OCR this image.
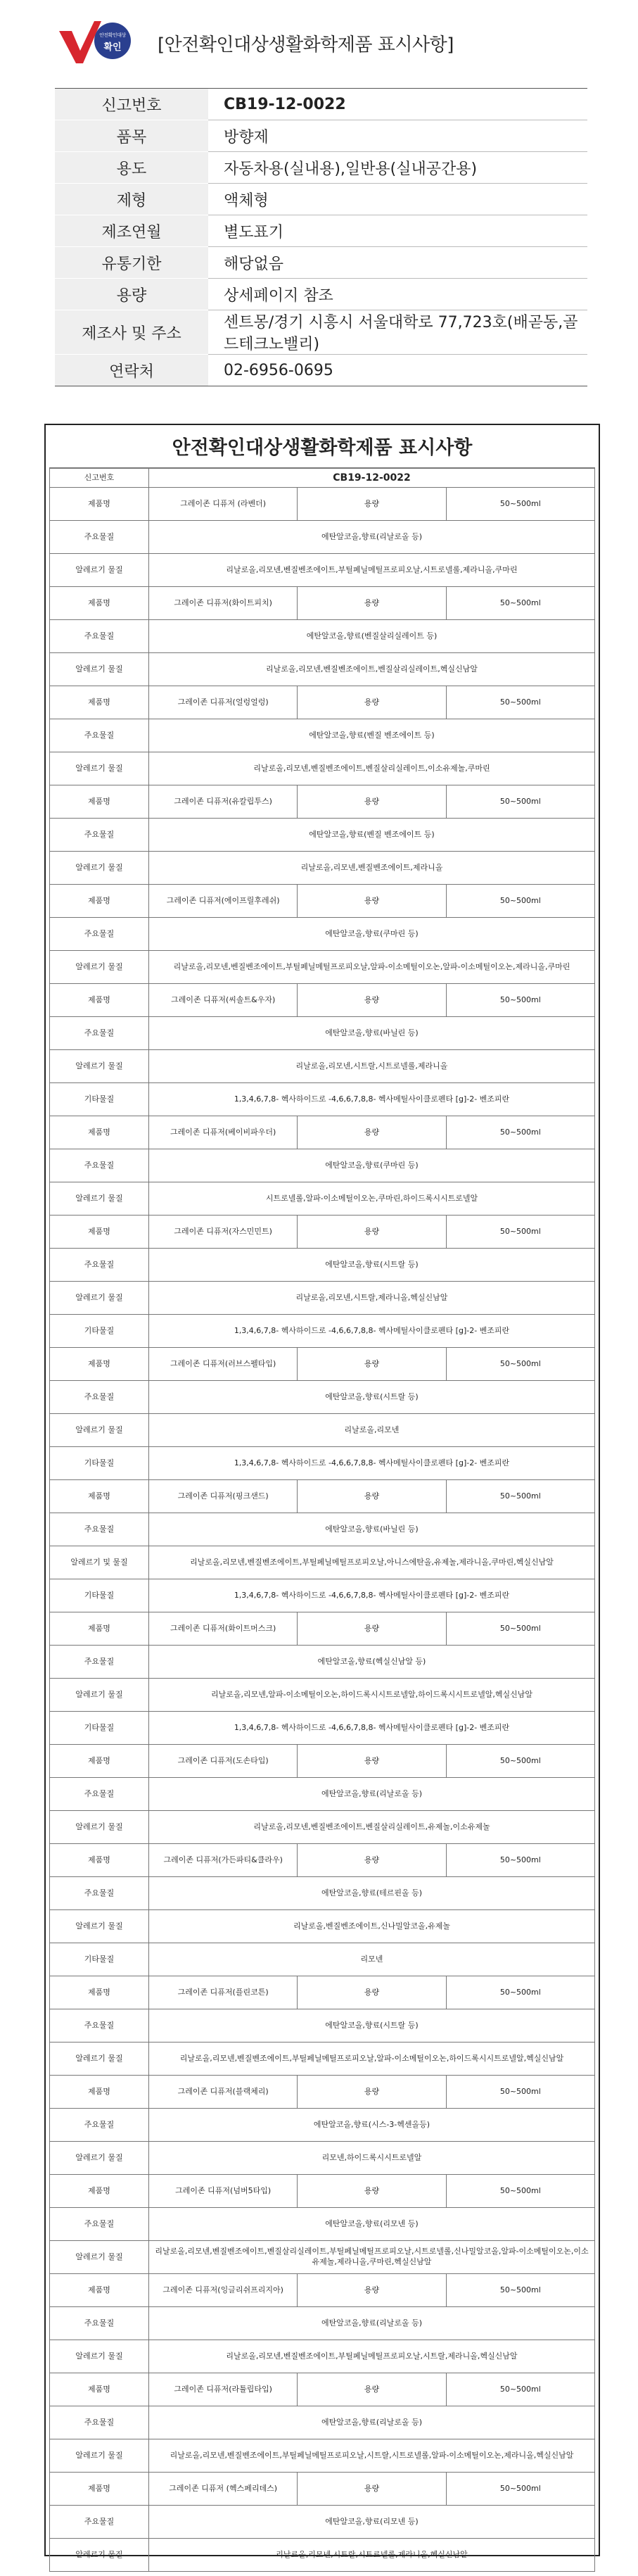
안전확인대상
확인	[안전확인대상생활화학제품 표시사항]
신고번호	CB19-12-0022
품목	방향제
용도	자동차용(실내용),일반용(실내공간용)
제형	액체형
제조연월	별도표기
유통기한	해당없음
용량	상세페이지 참조
제조사 및 주소	센트몽/경기 시흥시 서울대학로 77,723호(배곧동,골드테크노밸리)
연락처	02-6956-0695
안전확인대상생활화학제품 표시사항
신고번호	CB19-12-0022		
제품명	그레이존 디퓨저 (라벤더)	용량	50~500ml
주요물질	에탄알코올,향료(리날로올 등)		
알레르기 물질	리날로올,리모넨,벤질벤조에이트,부틸페닐메틸프로피오날,시트로넬롤,제라니올,쿠마린		
제품명	그레이존 디퓨저(화이트피치)	용량	50~500ml
주요물질	에탄알코올,향료(벤질살리실레이트 등)		
알레르기 물질	리날로올,리모넨,벤질벤조에이트,벤질살리실레이트,헥실신남알		
제품명	그레이존 디퓨저(얼렁얼렁)	용량	50~500ml
주요물질	에탄알코올,향료(벤질 벤조에이트 등)		
알레르기 물질	리날로올,리모넨,벤질벤조에이트,벤질살리실레이트,이소유제놀,쿠마린		
제품명	그레이존 디퓨저(유칼립투스)	용량	50~500ml
주요물질	에탄알코올,향료(벤질 벤조에이트 등)		
알레르기 물질	리날로올,리모넨,벤질벤조에이트,제라니올		
제품명	그레이존 디퓨저(에이프릴후레쉬)	용량	50~500ml
주요물질	에탄알코올,향료(쿠마린 등)		
알레르기 물질	리날로올,리모넨,벤질벤조에이트,부틸페닐메틸프로피오날,알파-이소메틸이오논,알파-이소메틸이오논,제라니올,쿠마린		
제품명	그레이존 디퓨저(씨솔트&우자)	용량	50~500ml
주요물질	에탄알코올,향료(바닐린 등)		
알레르기 물질	리날로올,리모넨,시트랄,시트로넬롤,제라니올		
기타물질	1,3,4,6,7,8- 헥사하이드로 -4,6,6,7,8,8- 헥사메틸사이클로펜타 [g]-2- 벤조피란		
제품명	그레이존 디퓨저(베이비파우더)	용량	50~500ml
주요물질	에탄알코올,향료(쿠마린 등)		
알레르기 물질	시트로넬롤,알파-이소메틸이오논,쿠마린,하이드록시시트로넬알		
제품명	그레이존 디퓨저(자스민민트)	용량	50~500ml
주요물질	에탄알코올,향료(시트랄 등)		
알레르기 물질	리날로올,리모넨,시트랄,제라니올,헥실신남알		
기타물질	1,3,4,6,7,8- 헥사하이드로 -4,6,6,7,8,8- 헥사메틸사이클로펜타 [g]-2- 벤조피란		
제품명	그레이존 디퓨저(러브스펠타입)	용량	50~500ml
주요물질	에탄알코올,향료(시트랄 등)		
알레르기 물질	리날로올,리모넨		
기타물질	1,3,4,6,7,8- 헥사하이드로 -4,6,6,7,8,8- 헥사메틸사이클로펜타 [g]-2- 벤조피란		
제품명	그레이존 디퓨저(핑크샌드)	용량	50~500ml
주요물질	에탄알코올,향료(바닐린 등)		
알레르기 및 물질	리날로올,리모넨,벤질벤조에이트,부틸페닐메틸프로피오날,아니스에탄올,유제놀,제라니올,쿠마린,헥실신남알		
기타물질	1,3,4,6,7,8- 헥사하이드로 -4,6,6,7,8,8- 헥사메틸사이클로펜타 [g]-2- 벤조피란		
제품명	그레이존 디퓨저(화이트머스크)	용량	50~500ml
주요물질	에탄알코올,향료(헥실신남알 등)		
알레르기 물질	리날로올,리모넨,알파-이소메틸이오논,하이드록시시트로넬알,하이드록시시트로넬알,헥실신남알		
기타물질	1,3,4,6,7,8- 헥사하이드로 -4,6,6,7,8,8- 헥사메틸사이클로펜타 [g]-2- 벤조피란		
제품명	그레이존 디퓨저(도손타입)	용량	50~500ml
주요물질	에탄알코올,향료(리날로올 등)		
알레르기 물질	리날로올,리모넨,벤질벤조에이트,벤질살리실레이트,유제놀,이소유제놀		
제품명	그레이존 디퓨저(가든파티&클라우)	용량	50~500ml
주요물질	에탄알코올,향료(테르핀올 등)		
알레르기 물질	리날로올,벤질벤조에이트,신나밀알코올,유제놀		
기타물질	리모넨		
제품명	그레이존 디퓨저(플린코튼)	용량	50~500ml
주요물질	에탄알코올,향료(시트랄 등)		
알레르기 물질	리날로올,리모넨,벤질벤조에이트,부틸페닐메틸프로피오날,알파-이소메틸이오논,하이드록시시트로넬알,헥실신남알		
제품명	그레이존 디퓨저(블랙체리)	용량	50~500ml
주요물질	에탄알코올,향료(시스-3-헥센올등)		
알레르기 물질	리모넨,하이드록시시트로넬알		
제품명	그레이존 디퓨저(넘버5타입)	용량	50~500ml
주요물질	에탄알코올,향료(리모넨 등)		
알레르기 물질	리날로올,리모넨,벤질벤조에이트,벤질살리실레이트,부틸페닐메틸프로피오날,시트로넬롤,신나밀알코올,알파-이소메틸이오논,이소유제놀,제라니올,쿠마린,헥실신남알		
제품명	그레이존 디퓨저(잉글리쉬프리지아)	용량	50~500ml
주요물질	에탄알코올,향료(리날로올 등)		
알레르기 물질	리날로올,리모넨,벤질벤조에이트,부틸페닐메틸프로피오날,시트랄,제라니올,헥실신남알		
제품명	그레이존 디퓨저(라튤립타입)	용량	50~500ml
주요물질	에탄알코올,향료(리날로올 등)		
알레르기 물질	리날로올,리모넨,벤질벤조에이트,부틸페닐메틸프로피오날,시트랄,시트로넬롤,알파-이소메틸이오논,제라니올,헥실신남알		
제품명	그레이존 디퓨저 (헥스페리데스)	용량	50~500ml
주요물질	에탄알코올,향료(리모넨 등)		
알레르기 물질	리날로올,리모넨,시트랄,시트로넬롤,제라니올,헥실신남알		
